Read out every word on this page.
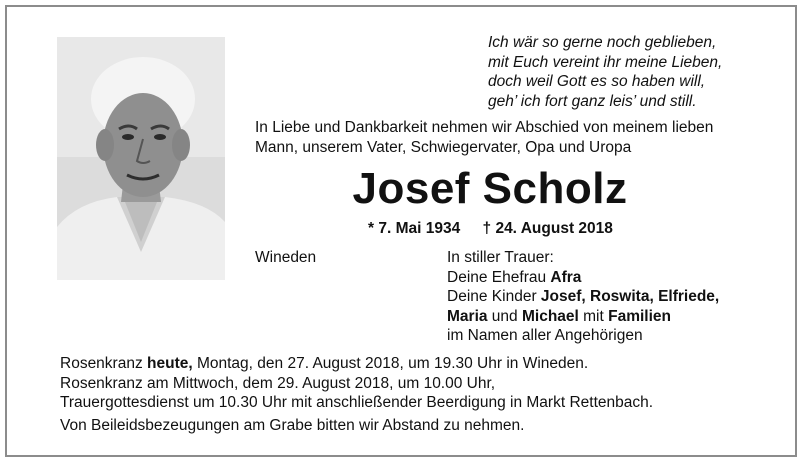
Ich wär so gerne noch geblieben,
mit Euch vereint ihr meine Lieben,
doch weil Gott es so haben will,
geh’ ich fort ganz leis’ und still.
In Liebe und Dankbarkeit nehmen wir Abschied von meinem lieben
Mann, unserem Vater, Schwiegervater, Opa und Uropa
Josef Scholz
* 7. Mai 1934 † 24. August 2018
Wineden	In stiller Trauer:
Deine Ehefrau Afra
Deine Kinder Josef, Roswita, Elfriede,
Maria und Michael mit Familien
im Namen aller Angehörigen
Rosenkranz heute, Montag, den 27. August 2018, um 19.30 Uhr in Wineden.
Rosenkranz am Mittwoch, dem 29. August 2018, um 10.00 Uhr,
Trauergottesdienst um 10.30 Uhr mit anschließender Beerdigung in Markt Rettenbach.
Von Beileidsbezeugungen am Grabe bitten wir Abstand zu nehmen.
